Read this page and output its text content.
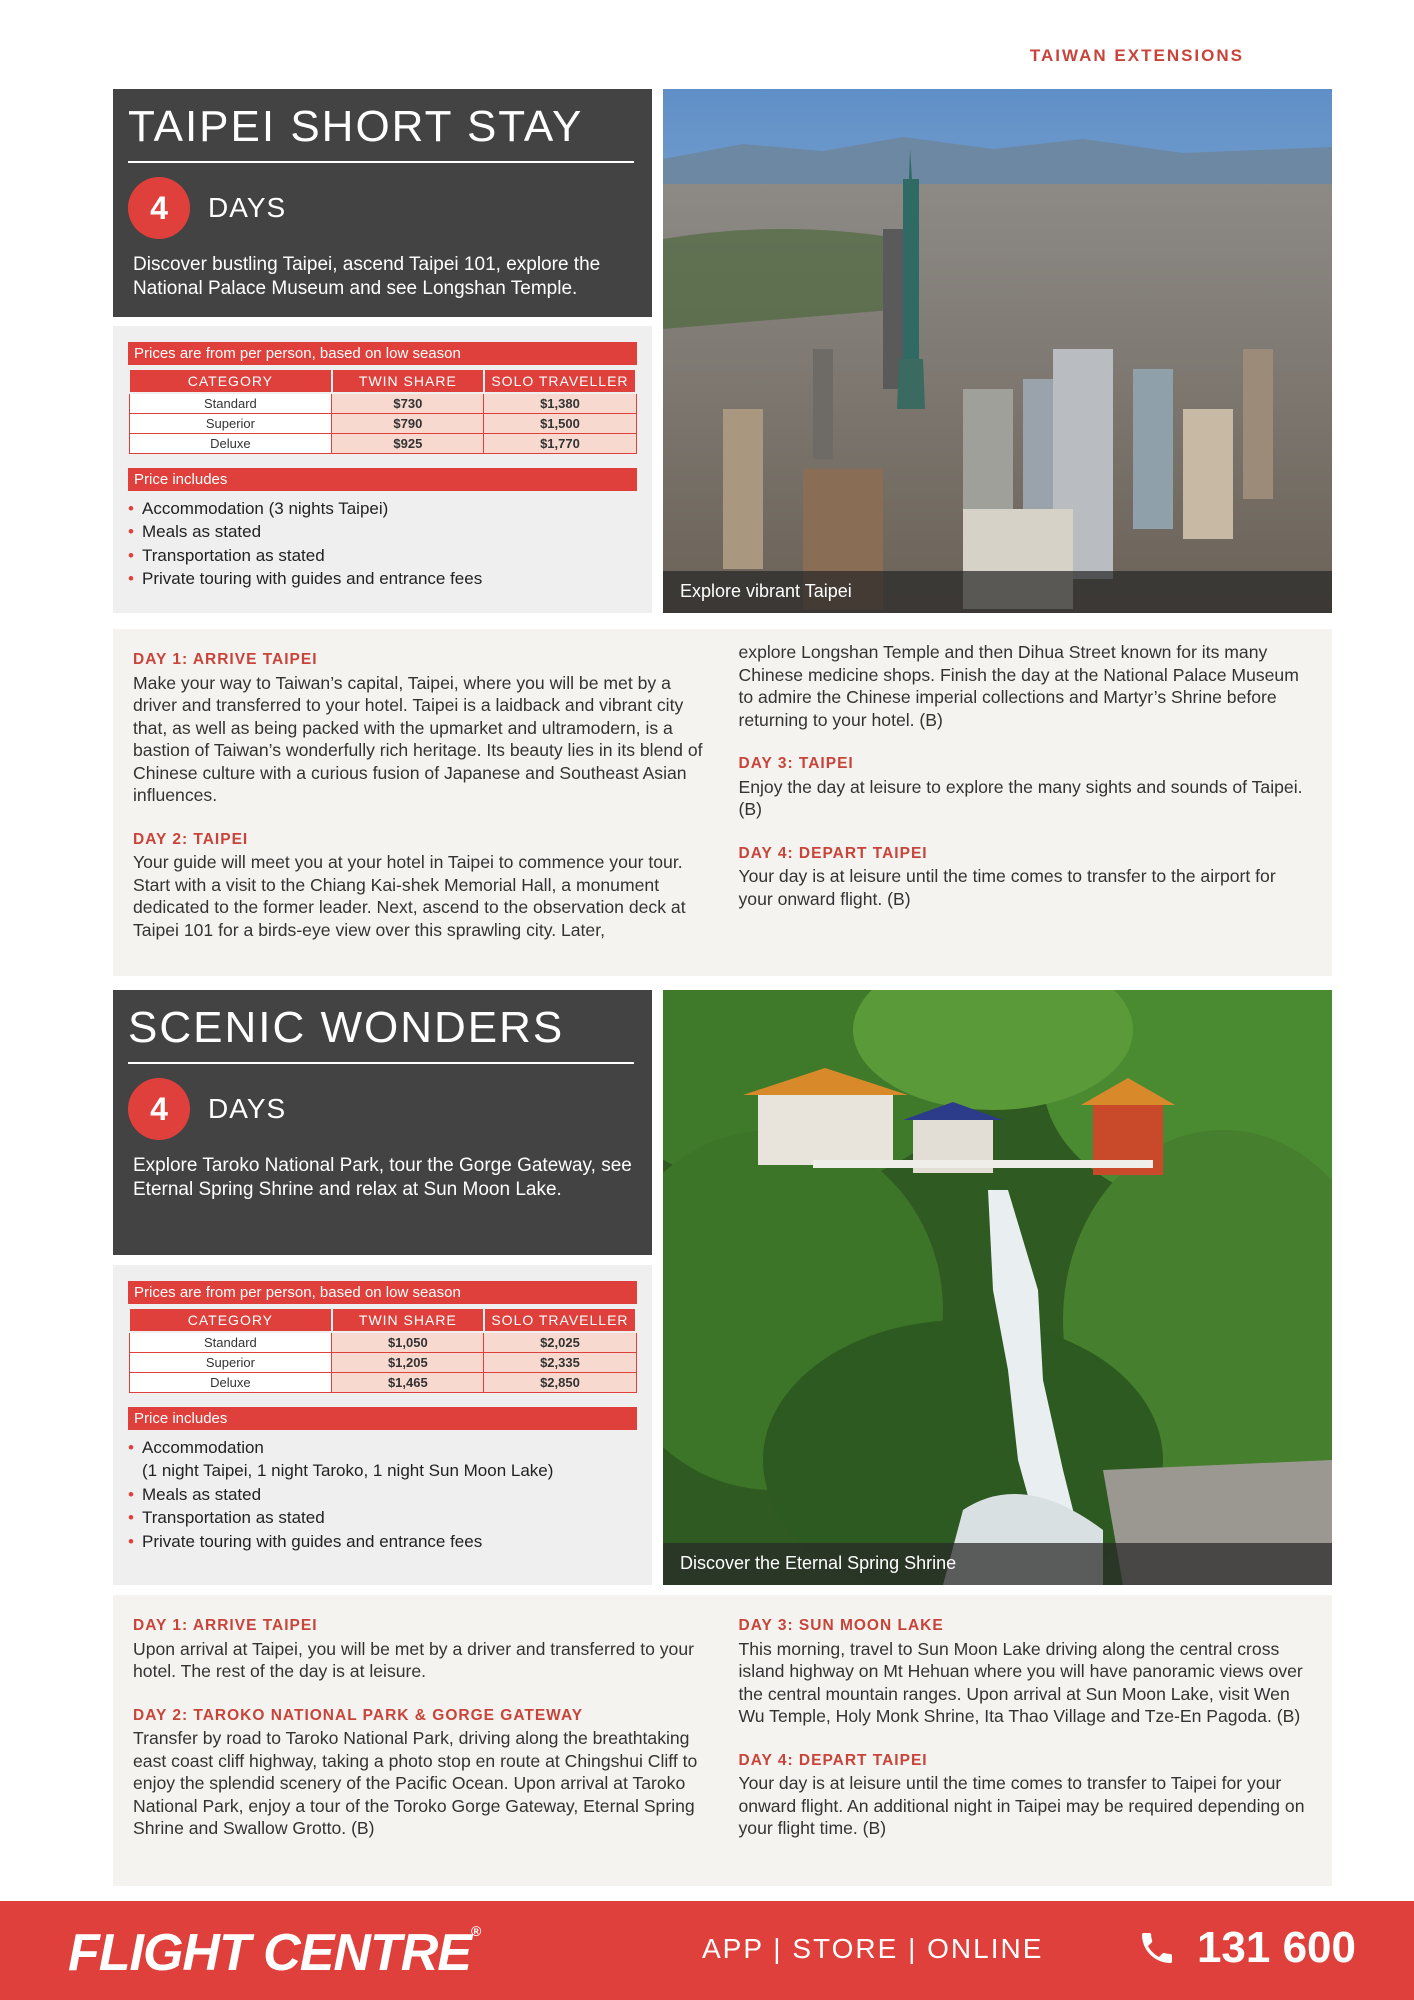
TAIWAN EXTENSIONS
TAIPEI SHORT STAY
4	DAYS
Discover bustling Taipei, ascend Taipei 101, explore the National Palace Museum and see Longshan Temple.
Prices are from per person, based on low season
CATEGORY	TWIN SHARE	SOLO TRAVELLER
Standard	$730	$1,380
Superior	$790	$1,500
Deluxe	$925	$1,770
Price includes
• Accommodation (3 nights Taipei)
• Meals as stated
• Transportation as stated
• Private touring with guides and entrance fees
Explore vibrant Taipei
DAY 1: ARRIVE TAIPEI
Make your way to Taiwan’s capital, Taipei, where you will be met by a driver and transferred to your hotel. Taipei is a laidback and vibrant city that, as well as being packed with the upmarket and ultramodern, is a bastion of Taiwan’s wonderfully rich heritage. Its beauty lies in its blend of Chinese culture with a curious fusion of Japanese and Southeast Asian influences.
DAY 2: TAIPEI
Your guide will meet you at your hotel in Taipei to commence your tour. Start with a visit to the Chiang Kai-shek Memorial Hall, a monument dedicated to the former leader. Next, ascend to the observation deck at Taipei 101 for a birds-eye view over this sprawling city. Later,
explore Longshan Temple and then Dihua Street known for its many Chinese medicine shops. Finish the day at the National Palace Museum to admire the Chinese imperial collections and Martyr’s Shrine before returning to your hotel. (B)
DAY 3: TAIPEI
Enjoy the day at leisure to explore the many sights and sounds of Taipei. (B)
DAY 4: DEPART TAIPEI
Your day is at leisure until the time comes to transfer to the airport for your onward flight. (B)
SCENIC WONDERS
4	DAYS
Explore Taroko National Park, tour the Gorge Gateway, see Eternal Spring Shrine and relax at Sun Moon Lake.
Prices are from per person, based on low season
CATEGORY	TWIN SHARE	SOLO TRAVELLER
Standard	$1,050	$2,025
Superior	$1,205	$2,335
Deluxe	$1,465	$2,850
Price includes
• Accommodation
(1 night Taipei, 1 night Taroko, 1 night Sun Moon Lake)
• Meals as stated
• Transportation as stated
• Private touring with guides and entrance fees
Discover the Eternal Spring Shrine
DAY 1: ARRIVE TAIPEI
Upon arrival at Taipei, you will be met by a driver and transferred to your hotel. The rest of the day is at leisure.
DAY 2: TAROKO NATIONAL PARK & GORGE GATEWAY
Transfer by road to Taroko National Park, driving along the breathtaking east coast cliff highway, taking a photo stop en route at Chingshui Cliff to enjoy the splendid scenery of the Pacific Ocean. Upon arrival at Taroko National Park, enjoy a tour of the Toroko Gorge Gateway, Eternal Spring Shrine and Swallow Grotto. (B)
DAY 3: SUN MOON LAKE
This morning, travel to Sun Moon Lake driving along the central cross island highway on Mt Hehuan where you will have panoramic views over the central mountain ranges. Upon arrival at Sun Moon Lake, visit Wen Wu Temple, Holy Monk Shrine, Ita Thao Village and Tze-En Pagoda. (B)
DAY 4: DEPART TAIPEI
Your day is at leisure until the time comes to transfer to Taipei for your onward flight. An additional night in Taipei may be required depending on your flight time. (B)
FLIGHT CENTRE®
APP | STORE | ONLINE	131 600
